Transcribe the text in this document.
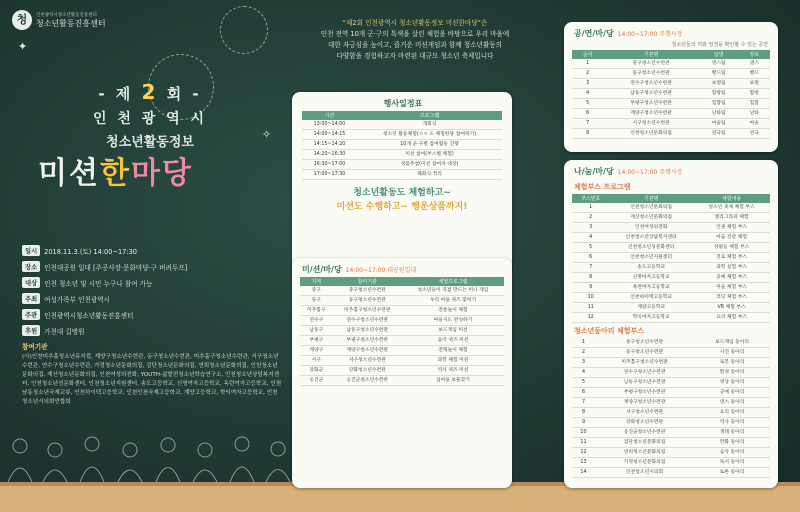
✦
✧
청	인천광역시청소년활동진흥센터
청소년활동진흥센터	“제2회 인천광역시 청소년활동정보 미션한마당”은
인천 전역 10개 군·구의 특색을 살린 체험을 바탕으로 우리 마을에
대한 자긍심을 높이고, 즐거운 미션게임과 함께 청소년활동의
다양함을 경험하고자 마련된 대규모 청소년 축제입니다
- 제 2 회 -
인 천 광 역 시
청소년활동정보
미션한마당
일시	2018.11.3.(토) 14:00~17:30
장소	인천대공원 일대 [주공사장·문화마당·구 버려두프]
대상	인천 청소년 및 시민 누구나 참여 가능
주최	여성가족부 인천광역시
주관	인천광역시청소년활동진흥센터
후원	가천대 길병원
참여기관
(사)인천미추홀청소년뮤지컬, 계양구청소년수련관, 동구청소년수련관, 미추홀구청소년수련관, 서구청소년수련관, 연수구청소년수련관, 가정청소년문화의집, 검단청소년문화의집, 연희청소년문화의집, 인천청소년문화의집, 계산청소년문화의집, 인천여성의전화, YOUTH-삶발전청소년학습연구소, 인천청소년상담복지센터, 인천청소년성문화센터, 인천청소년지원센터, 송도고등학교, 신명여자고등학교, 옥련여자고등학교, 인천남동청소년국제교류, 인천하이텍고등학교, 인천인천국제고등학교, 계양고등학교, 학익여자고등학교, 인천청소년시의회연합회
행사일정표
시간	프로그램
13:00~14:00	개회식
14:00~14:15	청소년 활동체험(ㅇㅇ 도 체험한당 참여하기)
14:15~14:20	10개 군·구별 참여활동 진행
14:20~16:30	미션 참여(부스별 체험)
16:30~17:00	경품추첨(미션 참여자 대상)
17:00~17:30	폐회식·정리
청소년활동도 체험하고~
미션도 수행하고~ 행운상품까지!
미/션/마/당 14:00~17:00 대공원일대
지역	참여기관	체험프로그램
중구	중구청소년수련관	청소년들이 직접 만드는 미니 게임
동구	동구청소년수련관	우리 마을 퀴즈 맞히기
미추홀구	미추홀구청소년수련관	전통놀이 체험
연수구	연수구청소년수련관	마을지도 완성하기
남동구	남동구청소년수련관	보드게임 미션
부평구	부평구청소년수련관	음악 퀴즈 미션
계양구	계양구청소년수련관	전래놀이 체험
서구	서구청소년수련관	과학 체험 미션
강화군	강화청소년수련관	역사 퀴즈 미션
옹진군	옹진군청소년수련관	섬마을 보물찾기
공/연/마/당 14:00~17:00 주행사장
청소년들의 끼와 열정을 확인할 수 있는 공연
순서	기관명	팀명	장르
1	중구청소년수련관	댄스팀	댄스
2	동구청소년수련관	밴드팀	밴드
3	연수구청소년수련관	보컬팀	보컬
4	남동구청소년수련관	합창팀	합창
5	부평구청소년수련관	힙합팀	힙합
6	계양구청소년수련관	난타팀	난타
7	서구청소년수련관	마술팀	마술
8	인천청소년문화의집	연극팀	연극
나/눔/마/당 14:00~17:00 주행사장
체험부스 프로그램
부스번호	기관명	체험내용
1	인천청소년문화의집	청소년 축제 체험 부스
2	계산청소년문화의집	캘리그라피 체험
3	인천여성의전화	인권 체험 부스
4	인천청소년상담복지센터	마음 건강 체험
5	인천청소년성문화센터	성평등 체험 부스
6	인천청소년지원센터	진로 체험 부스
7	송도고등학교	과학 실험 부스
8	신명여자고등학교	공예 체험 부스
9	옥련여자고등학교	미술 체험 부스
10	인천하이텍고등학교	코딩 체험 부스
11	계양고등학교	VR 체험 부스
12	학익여자고등학교	요리 체험 부스
청소년동아리 체험부스
1	중구청소년수련관	보드게임 동아리
2	동구청소년수련관	사진 동아리
3	미추홀구청소년수련관	로봇 동아리
4	연수구청소년수련관	환경 동아리
5	남동구청소년수련관	영상 동아리
6	부평구청소년수련관	공예 동아리
7	계양구청소년수련관	댄스 동아리
8	서구청소년수련관	요리 동아리
9	강화청소년수련관	역사 동아리
10	옹진군청소년수련관	생태 동아리
11	검단청소년문화의집	만화 동아리
12	연희청소년문화의집	음악 동아리
13	가정청소년문화의집	독서 동아리
14	인천청소년시의회	토론 동아리
